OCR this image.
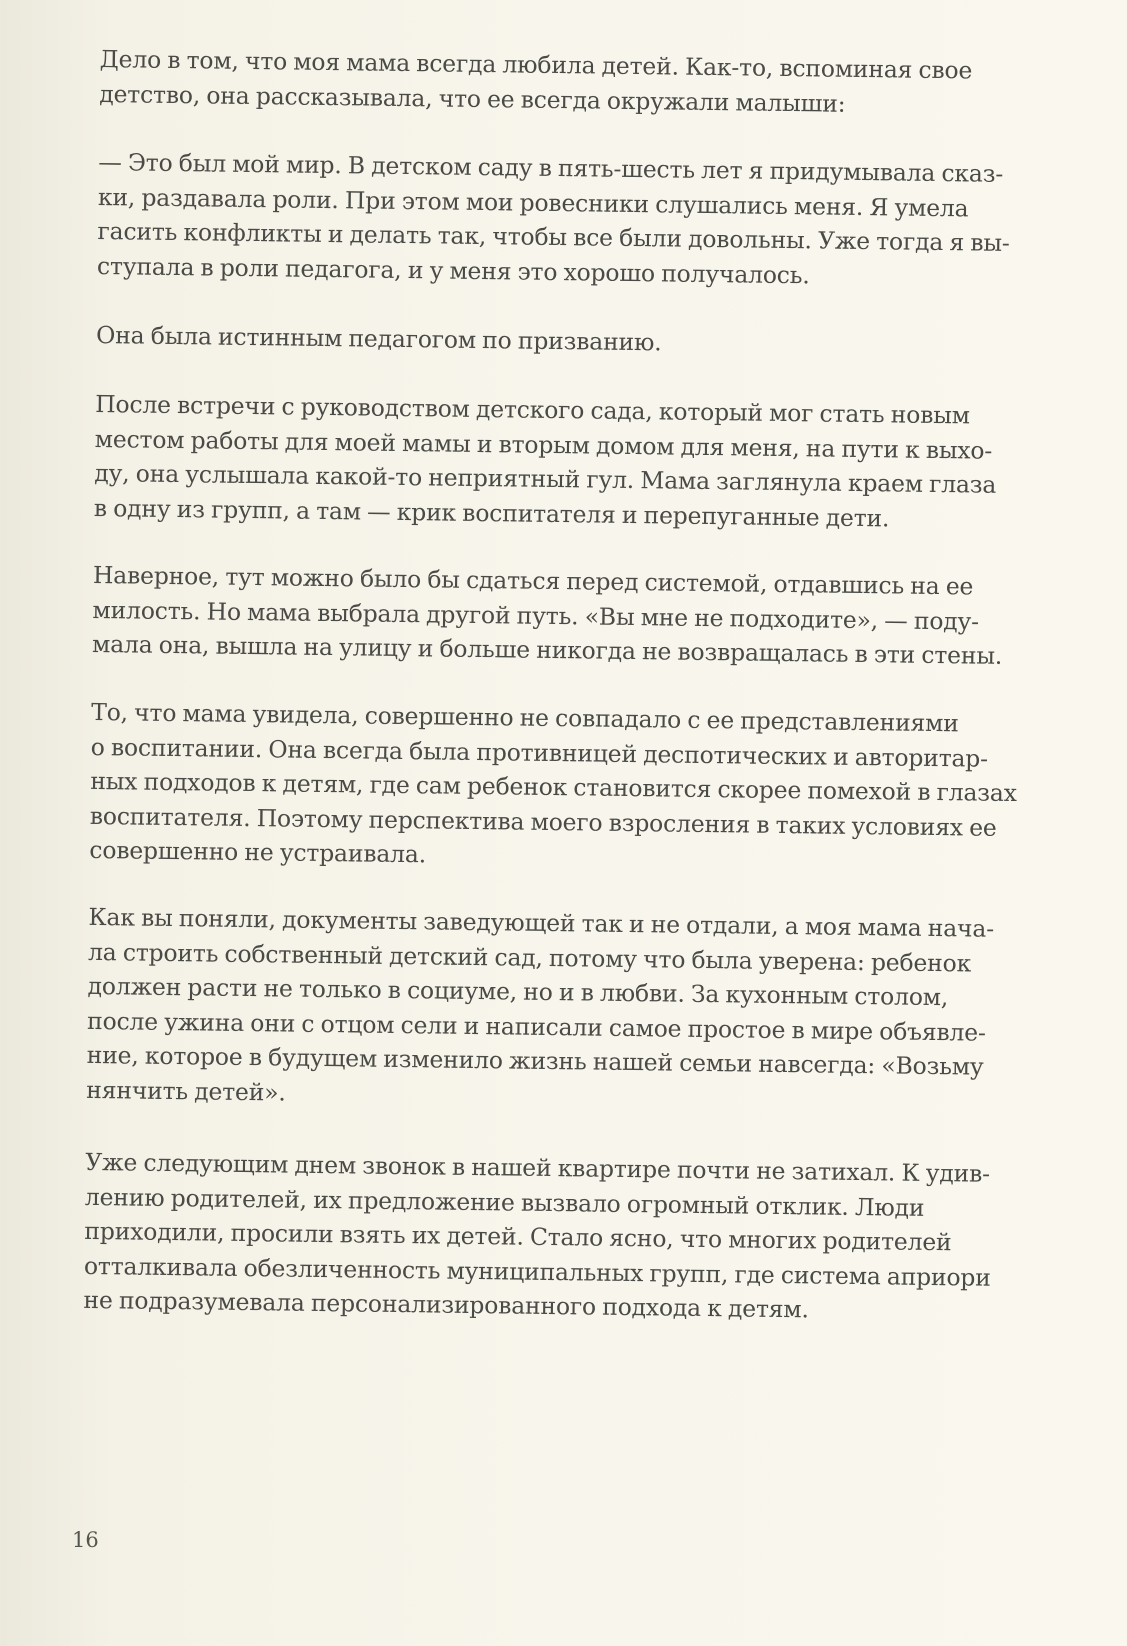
Дело в том, что моя мама всегда любила детей. Как-то, вспоминая свое
детство, она рассказывала, что ее всегда окружали малыши:
— Это был мой мир. В детском саду в пять-шесть лет я придумывала сказ-
ки, раздавала роли. При этом мои ровесники слушались меня. Я умела
гасить конфликты и делать так, чтобы все были довольны. Уже тогда я вы-
ступала в роли педагога, и у меня это хорошо получалось.
Она была истинным педагогом по призванию.
После встречи с руководством детского сада, который мог стать новым
местом работы для моей мамы и вторым домом для меня, на пути к выхо-
ду, она услышала какой-то неприятный гул. Мама заглянула краем глаза
в одну из групп, а там — крик воспитателя и перепуганные дети.
Наверное, тут можно было бы сдаться перед системой, отдавшись на ее
милость. Но мама выбрала другой путь. «Вы мне не подходите», — поду-
мала она, вышла на улицу и больше никогда не возвращалась в эти стены.
То, что мама увидела, совершенно не совпадало с ее представлениями
о воспитании. Она всегда была противницей деспотических и авторитар-
ных подходов к детям, где сам ребенок становится скорее помехой в глазах
воспитателя. Поэтому перспектива моего взросления в таких условиях ее
совершенно не устраивала.
Как вы поняли, документы заведующей так и не отдали, а моя мама нача-
ла строить собственный детский сад, потому что была уверена: ребенок
должен расти не только в социуме, но и в любви. За кухонным столом,
после ужина они с отцом сели и написали самое простое в мире объявле-
ние, которое в будущем изменило жизнь нашей семьи навсегда: «Возьму
нянчить детей».
Уже следующим днем звонок в нашей квартире почти не затихал. К удив-
лению родителей, их предложение вызвало огромный отклик. Люди
приходили, просили взять их детей. Стало ясно, что многих родителей
отталкивала обезличенность муниципальных групп, где система априори
не подразумевала персонализированного подхода к детям.
16
